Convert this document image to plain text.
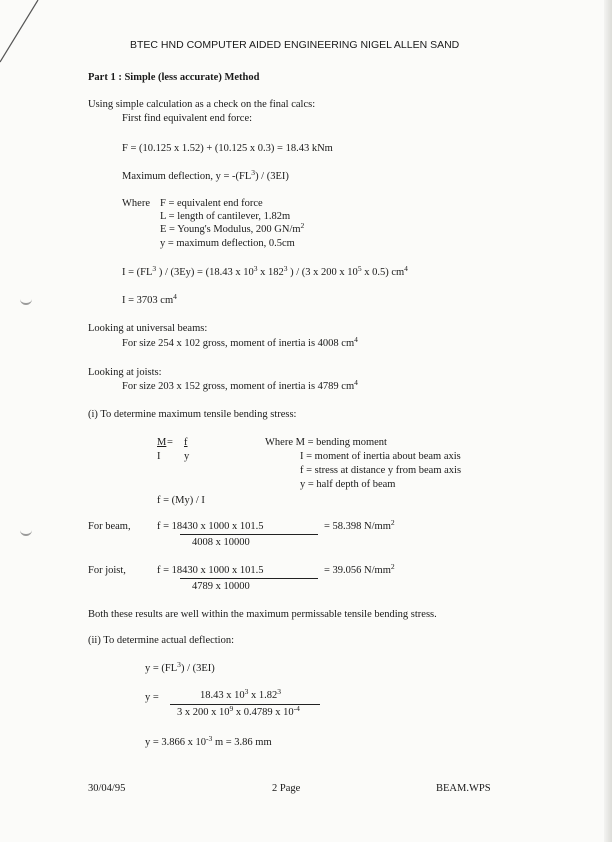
BTEC HND COMPUTER AIDED ENGINEERING NIGEL ALLEN SAND
Part 1 : Simple (less accurate) Method
Using simple calculation as a check on the final calcs:
First find equivalent end force:
F = (10.125 x 1.52) + (10.125 x 0.3) = 18.43 kNm
Maximum deflection, $y = -(FL^3) / (3EI)$
Where F = equivalent end force
L = length of cantilever, 1.82m
E = Young's Modulus, 200 $GN/m^2$
y = maximum deflection, 0.5cm
$I = (FL^3$ ) / (3Ey) = (18.43 x $10^3$ x $182^3$ ) / (3 x 200 x $10^5$ x 0.5) $cm^4$
I = 3703 $cm^4$
Looking at universal beams:
For size 254 x 102 gross, moment of inertia is 4008 $cm^4$
Looking at joists:
For size 203 x 152 gross, moment of inertia is 4789 $cm^4$
(i) To determine maximum tensile bending stress:
M = f
I y
Where M = bending moment
I = moment of inertia about beam axis
f = stress at distance y from beam axis
y = half depth of beam
f = (My) / I
For beam,	f = 18430 x 1000 x 101.5	= 58.398 $N/mm^2$
4008 x 10000
For joist,	f = 18430 x 1000 x 101.5	= 39.056 $N/mm^2$
4789 x 10000
Both these results are well within the maximum permissable tensile bending stress.
(ii) To determine actual deflection:
$y = (FL^3) / (3EI)$
y =	18.43 x $10^3$ x 1.82$^3$
3 x 200 x $10^9$ x 0.4789 x $10^{-4}$
y = 3.866 x $10^{-3}$ m = 3.86 mm
30/04/95	2 Page	BEAM.WPS
